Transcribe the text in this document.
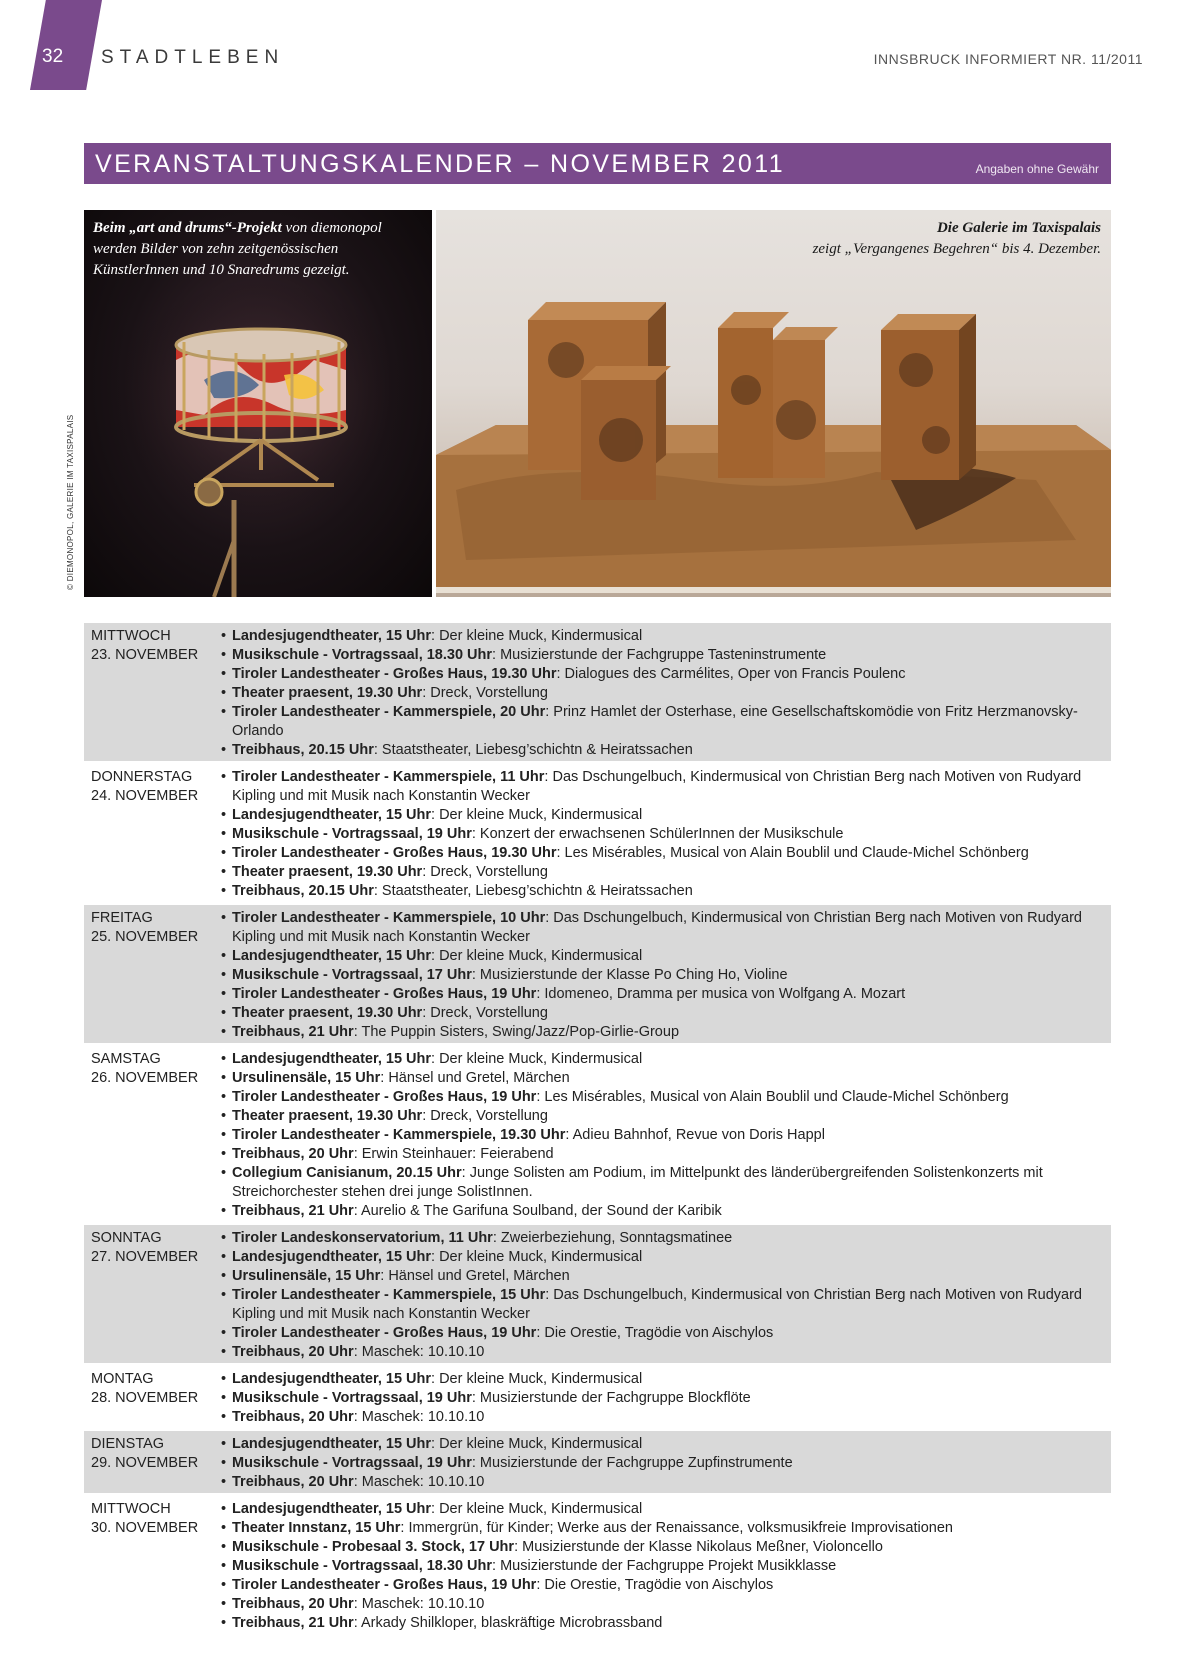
32 STADTLEBEN	INNSBRUCK INFORMIERT NR. 11/2011
VERANSTALTUNGSKALENDER – NOVEMBER 2011	Angaben ohne Gewähr
© DIEMONOPOL, GALERIE IM TAXISPALAIS
Beim „art and drums“-Projekt von diemonopol werden Bilder von zehn zeitgenössischen KünstlerInnen und 10 Snaredrums gezeigt.
Die Galerie im Taxispalais
zeigt „Vergangenes Begehren“ bis 4. Dezember.
MITTWOCH
23. NOVEMBER
• Landesjugendtheater, 15 Uhr: Der kleine Muck, Kindermusical
• Musikschule - Vortragssaal, 18.30 Uhr: Musizierstunde der Fachgruppe Tasteninstrumente
• Tiroler Landestheater - Großes Haus, 19.30 Uhr: Dialogues des Carmélites, Oper von Francis Poulenc
• Theater praesent, 19.30 Uhr: Dreck, Vorstellung
• Tiroler Landestheater - Kammerspiele, 20 Uhr: Prinz Hamlet der Osterhase, eine Gesellschaftskomödie von Fritz Herzmanovsky-Orlando
• Treibhaus, 20.15 Uhr: Staatstheater, Liebesg’schichtn & Heiratssachen
DONNERSTAG
24. NOVEMBER
• Tiroler Landestheater - Kammerspiele, 11 Uhr: Das Dschungelbuch, Kindermusical von Christian Berg nach Motiven von Rudyard Kipling und mit Musik nach Konstantin Wecker
• Landesjugendtheater, 15 Uhr: Der kleine Muck, Kindermusical
• Musikschule - Vortragssaal, 19 Uhr: Konzert der erwachsenen SchülerInnen der Musikschule
• Tiroler Landestheater - Großes Haus, 19.30 Uhr: Les Misérables, Musical von Alain Boublil und Claude-Michel Schönberg
• Theater praesent, 19.30 Uhr: Dreck, Vorstellung
• Treibhaus, 20.15 Uhr: Staatstheater, Liebesg’schichtn & Heiratssachen
FREITAG
25. NOVEMBER
• Tiroler Landestheater - Kammerspiele, 10 Uhr: Das Dschungelbuch, Kindermusical von Christian Berg nach Motiven von Rudyard Kipling und mit Musik nach Konstantin Wecker
• Landesjugendtheater, 15 Uhr: Der kleine Muck, Kindermusical
• Musikschule - Vortragssaal, 17 Uhr: Musizierstunde der Klasse Po Ching Ho, Violine
• Tiroler Landestheater - Großes Haus, 19 Uhr: Idomeneo, Dramma per musica von Wolfgang A. Mozart
• Theater praesent, 19.30 Uhr: Dreck, Vorstellung
• Treibhaus, 21 Uhr: The Puppin Sisters, Swing/Jazz/Pop-Girlie-Group
SAMSTAG
26. NOVEMBER
• Landesjugendtheater, 15 Uhr: Der kleine Muck, Kindermusical
• Ursulinensäle, 15 Uhr: Hänsel und Gretel, Märchen
• Tiroler Landestheater - Großes Haus, 19 Uhr: Les Misérables, Musical von Alain Boublil und Claude-Michel Schönberg
• Theater praesent, 19.30 Uhr: Dreck, Vorstellung
• Tiroler Landestheater - Kammerspiele, 19.30 Uhr: Adieu Bahnhof, Revue von Doris Happl
• Treibhaus, 20 Uhr: Erwin Steinhauer: Feierabend
• Collegium Canisianum, 20.15 Uhr: Junge Solisten am Podium, im Mittelpunkt des länderübergreifenden Solistenkonzerts mit Streichorchester stehen drei junge SolistInnen.
• Treibhaus, 21 Uhr: Aurelio & The Garifuna Soulband, der Sound der Karibik
SONNTAG
27. NOVEMBER
• Tiroler Landeskonservatorium, 11 Uhr: Zweierbeziehung, Sonntagsmatinee
• Landesjugendtheater, 15 Uhr: Der kleine Muck, Kindermusical
• Ursulinensäle, 15 Uhr: Hänsel und Gretel, Märchen
• Tiroler Landestheater - Kammerspiele, 15 Uhr: Das Dschungelbuch, Kindermusical von Christian Berg nach Motiven von Rudyard Kipling und mit Musik nach Konstantin Wecker
• Tiroler Landestheater - Großes Haus, 19 Uhr: Die Orestie, Tragödie von Aischylos
• Treibhaus, 20 Uhr: Maschek: 10.10.10
MONTAG
28. NOVEMBER
• Landesjugendtheater, 15 Uhr: Der kleine Muck, Kindermusical
• Musikschule - Vortragssaal, 19 Uhr: Musizierstunde der Fachgruppe Blockflöte
• Treibhaus, 20 Uhr: Maschek: 10.10.10
DIENSTAG
29. NOVEMBER
• Landesjugendtheater, 15 Uhr: Der kleine Muck, Kindermusical
• Musikschule - Vortragssaal, 19 Uhr: Musizierstunde der Fachgruppe Zupfinstrumente
• Treibhaus, 20 Uhr: Maschek: 10.10.10
MITTWOCH
30. NOVEMBER
• Landesjugendtheater, 15 Uhr: Der kleine Muck, Kindermusical
• Theater Innstanz, 15 Uhr: Immergrün, für Kinder; Werke aus der Renaissance, volksmusikfreie Improvisationen
• Musikschule - Probesaal 3. Stock, 17 Uhr: Musizierstunde der Klasse Nikolaus Meßner, Violoncello
• Musikschule - Vortragssaal, 18.30 Uhr: Musizierstunde der Fachgruppe Projekt Musikklasse
• Tiroler Landestheater - Großes Haus, 19 Uhr: Die Orestie, Tragödie von Aischylos
• Treibhaus, 20 Uhr: Maschek: 10.10.10
• Treibhaus, 21 Uhr: Arkady Shilkloper, blaskräftige Microbrassband
